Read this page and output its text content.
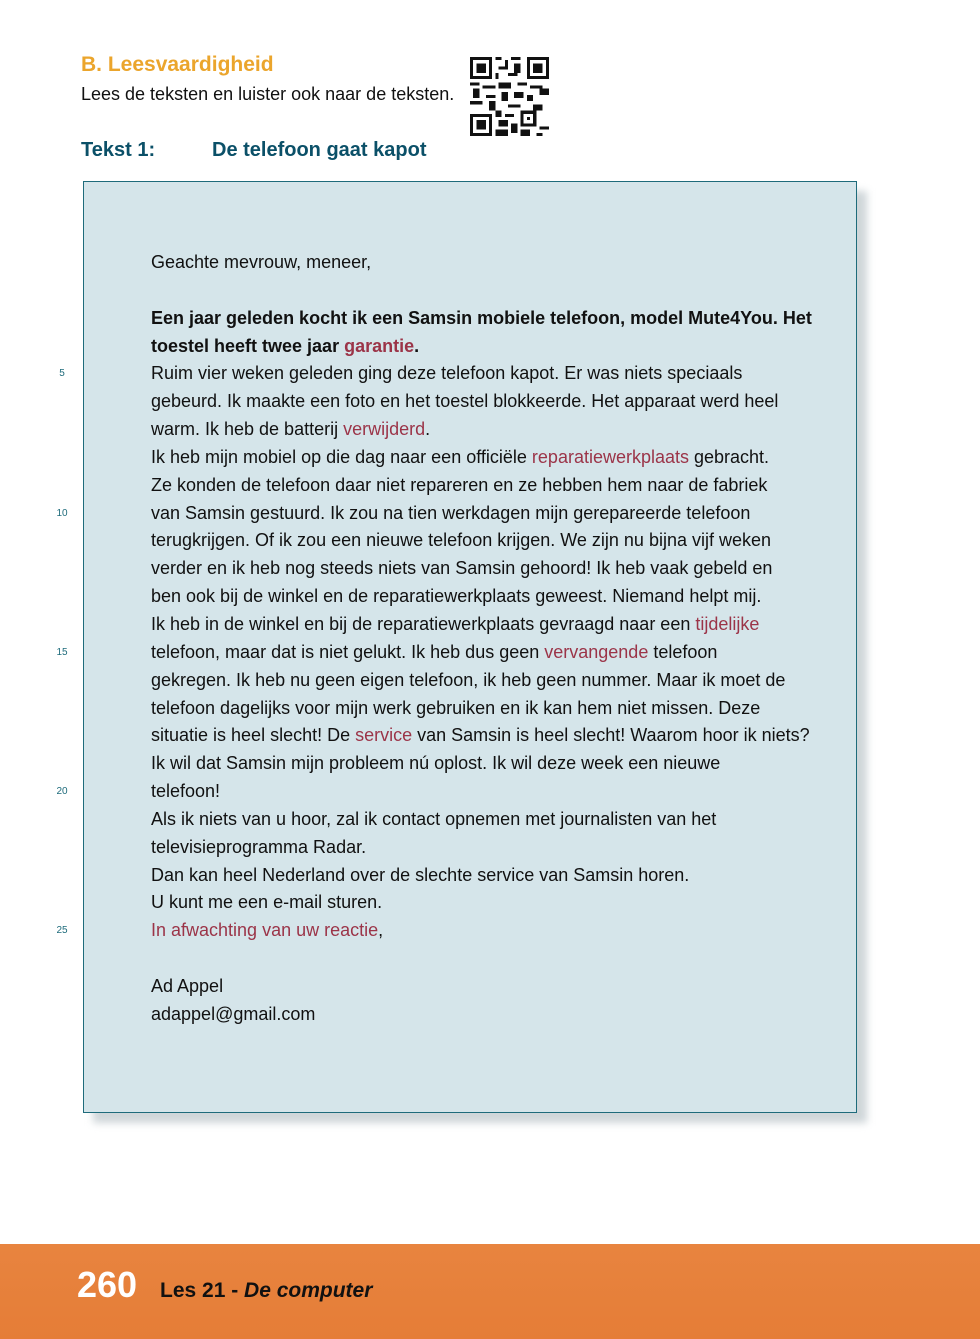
B. Leesvaardigheid
Lees de teksten en luister ook naar de teksten.
Tekst 1:	De telefoon gaat kapot
Geachte mevrouw, meneer,
Een jaar geleden kocht ik een Samsin mobiele telefoon, model Mute4You. Het
toestel heeft twee jaar garantie.
Ruim vier weken geleden ging deze telefoon kapot. Er was niets speciaals
gebeurd. Ik maakte een foto en het toestel blokkeerde. Het apparaat werd heel
warm. Ik heb de batterij verwijderd.
Ik heb mijn mobiel op die dag naar een officiële reparatiewerkplaats gebracht.
Ze konden de telefoon daar niet repareren en ze hebben hem naar de fabriek
van Samsin gestuurd. Ik zou na tien werkdagen mijn gerepareerde telefoon
terugkrijgen. Of ik zou een nieuwe telefoon krijgen. We zijn nu bijna vijf weken
verder en ik heb nog steeds niets van Samsin gehoord! Ik heb vaak gebeld en
ben ook bij de winkel en de reparatiewerkplaats geweest. Niemand helpt mij.
Ik heb in de winkel en bij de reparatiewerkplaats gevraagd naar een tijdelijke
telefoon, maar dat is niet gelukt. Ik heb dus geen vervangende telefoon
gekregen. Ik heb nu geen eigen telefoon, ik heb geen nummer. Maar ik moet de
telefoon dagelijks voor mijn werk gebruiken en ik kan hem niet missen. Deze
situatie is heel slecht! De service van Samsin is heel slecht! Waarom hoor ik niets?
Ik wil dat Samsin mijn probleem nú oplost. Ik wil deze week een nieuwe
telefoon!
Als ik niets van u hoor, zal ik contact opnemen met journalisten van het
televisieprogramma Radar.
Dan kan heel Nederland over de slechte service van Samsin horen.
U kunt me een e-mail sturen.
In afwachting van uw reactie,
Ad Appel
adappel@gmail.com
5
10
15
20
25
260 Les 21 - De computer
